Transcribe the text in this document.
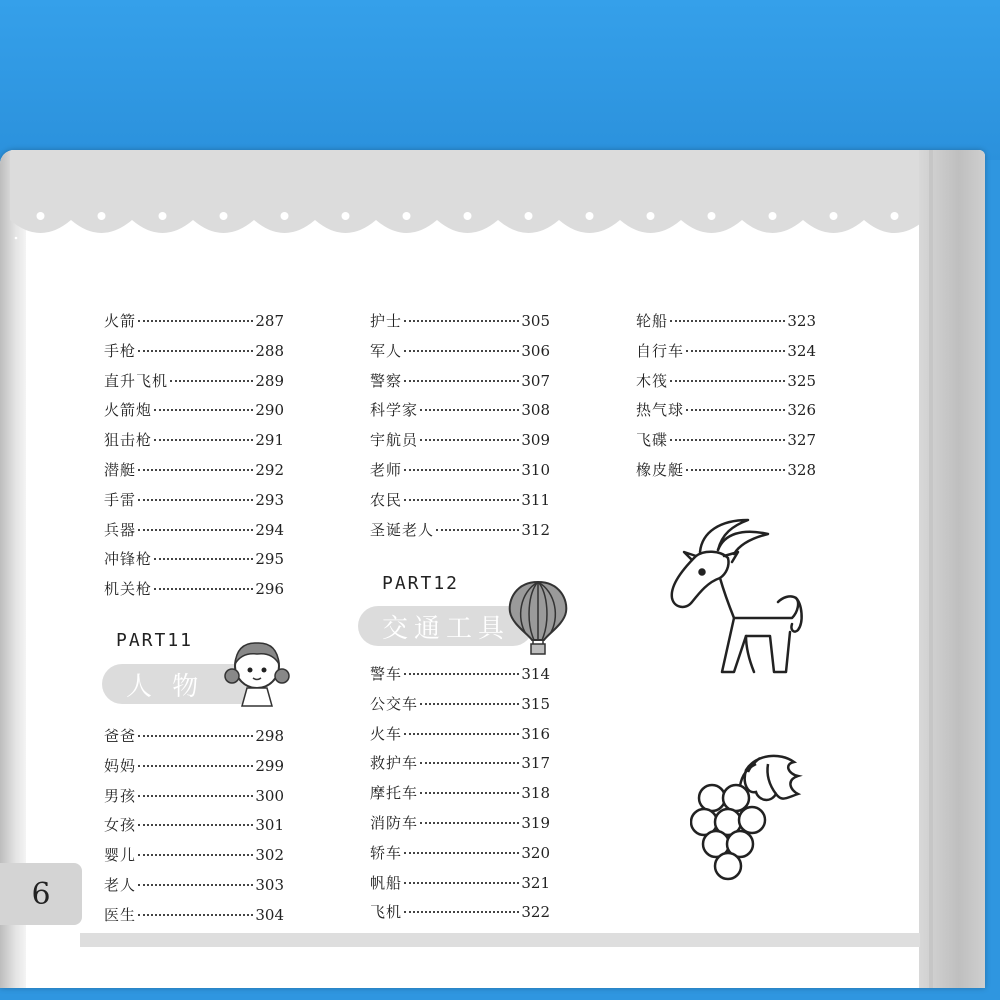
6
火箭	287
手枪	288
直升飞机	289
火箭炮	290
狙击枪	291
潜艇	292
手雷	293
兵器	294
冲锋枪	295
机关枪	296
PART11
人 物
爸爸	298
妈妈	299
男孩	300
女孩	301
婴儿	302
老人	303
医生	304
护士	305
军人	306
警察	307
科学家	308
宇航员	309
老师	310
农民	311
圣诞老人	312
PART12
交通工具
警车	314
公交车	315
火车	316
救护车	317
摩托车	318
消防车	319
轿车	320
帆船	321
飞机	322
轮船	323
自行车	324
木筏	325
热气球	326
飞碟	327
橡皮艇	328
